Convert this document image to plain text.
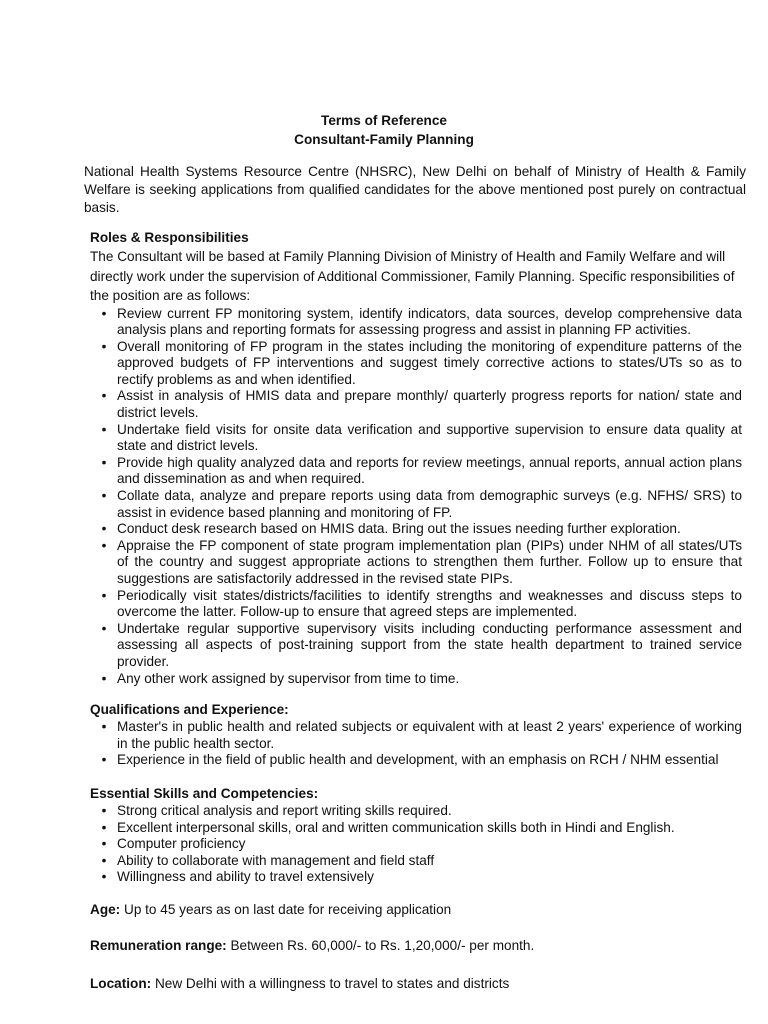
Terms of Reference
Consultant-Family Planning
National Health Systems Resource Centre (NHSRC), New Delhi on behalf of Ministry of Health & Family Welfare is seeking applications from qualified candidates for the above mentioned post purely on contractual basis.
Roles & Responsibilities

The Consultant will be based at Family Planning Division of Ministry of Health and Family Welfare and will directly work under the supervision of Additional Commissioner, Family Planning. Specific responsibilities of the position are as follows:

• Review current FP monitoring system, identify indicators, data sources, develop comprehensive data analysis plans and reporting formats for assessing progress and assist in planning FP activities.
• Overall monitoring of FP program in the states including the monitoring of expenditure patterns of the approved budgets of FP interventions and suggest timely corrective actions to states/UTs so as to rectify problems as and when identified.
• Assist in analysis of HMIS data and prepare monthly/ quarterly progress reports for nation/ state and district levels.
• Undertake field visits for onsite data verification and supportive supervision to ensure data quality at state and district levels.
• Provide high quality analyzed data and reports for review meetings, annual reports, annual action plans and dissemination as and when required.
• Collate data, analyze and prepare reports using data from demographic surveys (e.g. NFHS/ SRS) to assist in evidence based planning and monitoring of FP.
• Conduct desk research based on HMIS data. Bring out the issues needing further exploration.
• Appraise the FP component of state program implementation plan (PIPs) under NHM of all states/UTs of the country and suggest appropriate actions to strengthen them further. Follow up to ensure that suggestions are satisfactorily addressed in the revised state PIPs.
• Periodically visit states/districts/facilities to identify strengths and weaknesses and discuss steps to overcome the latter. Follow-up to ensure that agreed steps are implemented.
• Undertake regular supportive supervisory visits including conducting performance assessment and assessing all aspects of post-training support from the state health department to trained service provider.
• Any other work assigned by supervisor from time to time.
Qualifications and Experience:
• Master's in public health and related subjects or equivalent with at least 2 years' experience of working in the public health sector.
• Experience in the field of public health and development, with an emphasis on RCH / NHM essential
Essential Skills and Competencies:
• Strong critical analysis and report writing skills required.
• Excellent interpersonal skills, oral and written communication skills both in Hindi and English.
• Computer proficiency
• Ability to collaborate with management and field staff
• Willingness and ability to travel extensively
Age: Up to 45 years as on last date for receiving application
Remuneration range: Between Rs. 60,000/- to Rs. 1,20,000/- per month.
Location: New Delhi with a willingness to travel to states and districts
